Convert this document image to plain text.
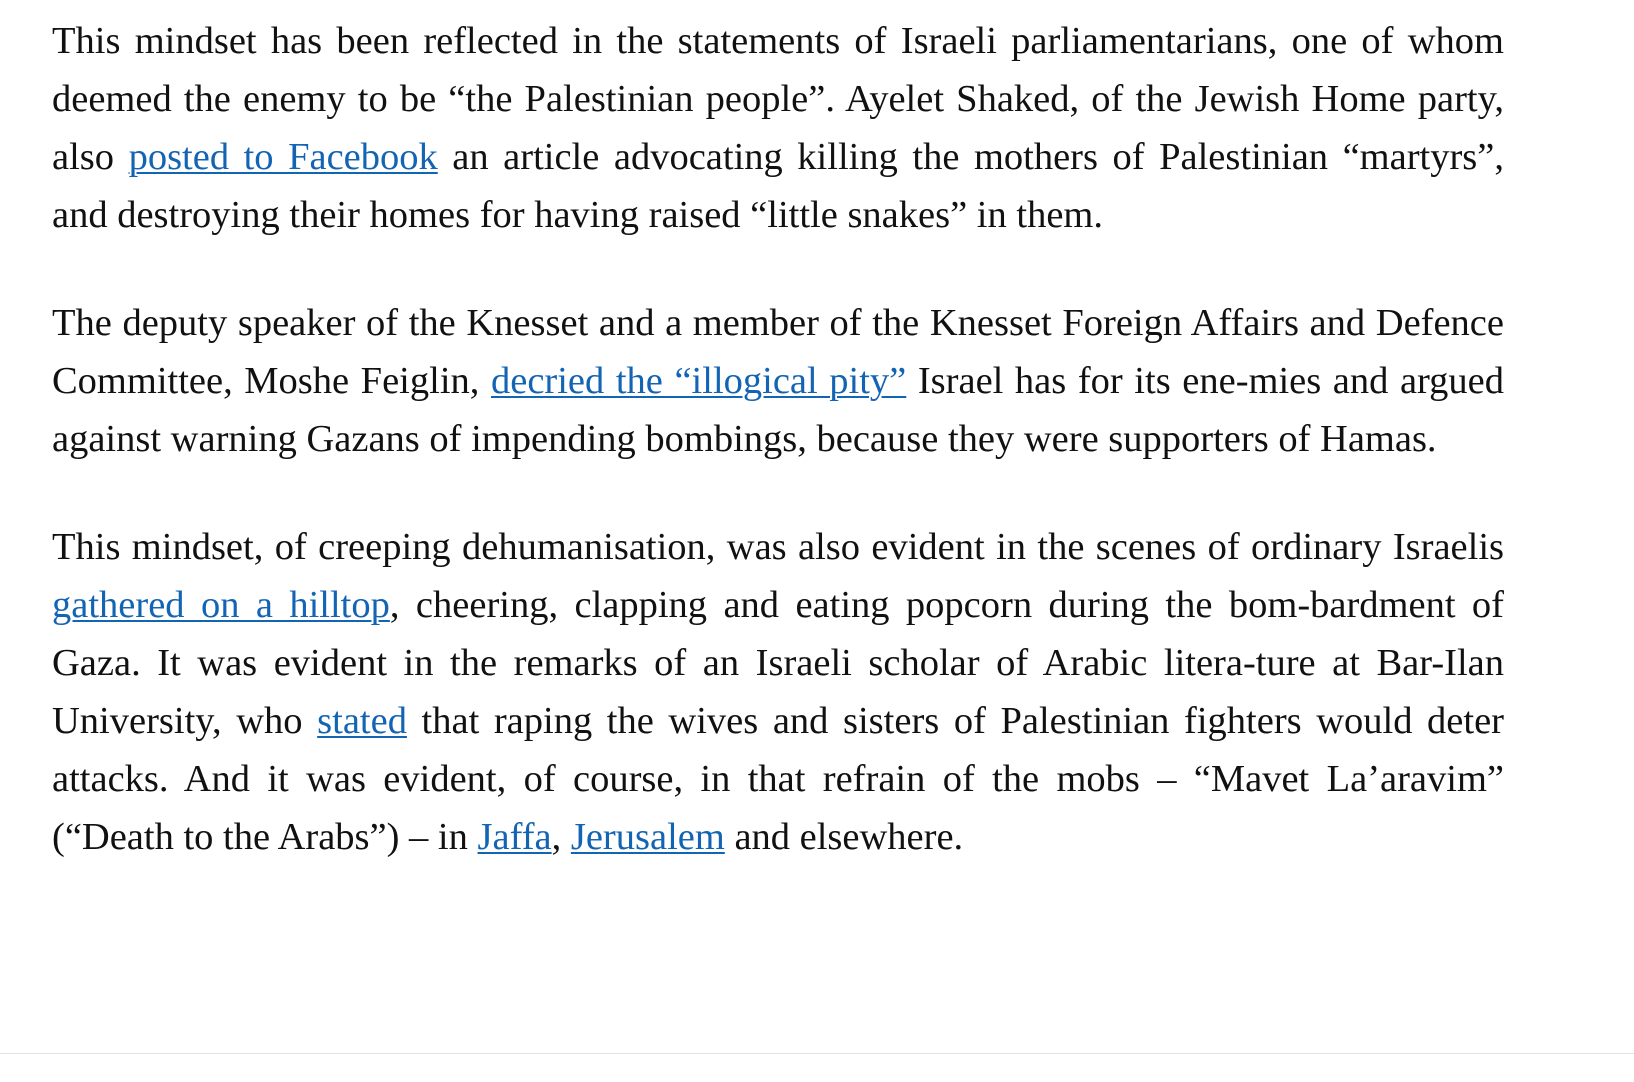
This mindset has been reflected in the statements of Israeli parliamentarians, one of whom deemed the enemy to be “the Palestinian people”. Ayelet Shaked, of the Jewish Home party, also posted to Facebook an article advocating killing the mothers of Palestinian “martyrs”, and destroying their homes for having raised “little snakes” in them.

The deputy speaker of the Knesset and a member of the Knesset Foreign Affairs and Defence Committee, Moshe Feiglin, decried the “illogical pity” Israel has for its ene-mies and argued against warning Gazans of impending bombings, because they were supporters of Hamas.

This mindset, of creeping dehumanisation, was also evident in the scenes of ordinary Israelis gathered on a hilltop, cheering, clapping and eating popcorn during the bom-bardment of Gaza. It was evident in the remarks of an Israeli scholar of Arabic litera-ture at Bar-Ilan University, who stated that raping the wives and sisters of Palestinian fighters would deter attacks. And it was evident, of course, in that refrain of the mobs – “Mavet La’aravim” (“Death to the Arabs”) – in Jaffa, Jerusalem and elsewhere.
